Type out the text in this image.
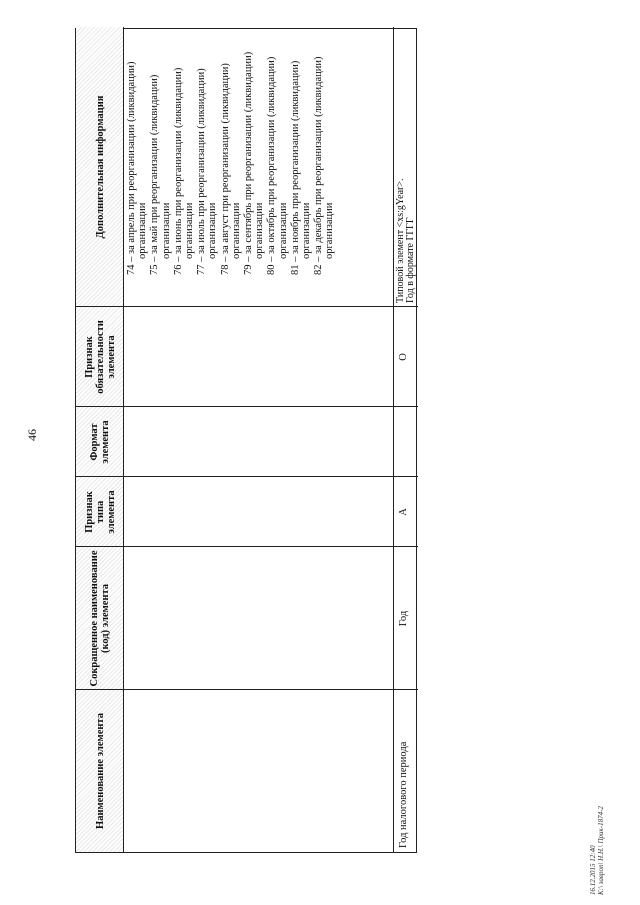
46
Наименование элемента
Сокращенное наименование (код) элемента
Признак типа элемента
Формат элемента
Признак обязательности элемента
Дополнительная информация	74 – за апрель при реорганизации (ликвидации) организации 75 – за май при реорганизации (ликвидации) организации 76 – за июнь при реорганизации (ликвидации) организации 77 – за июль при реорганизации (ликвидации) организации 78 – за август при реорганизации (ликвидации) организации 79 – за сентябрь при реорганизации (ликвидации) организации 80 – за октябрь при реорганизации (ликвидации) организации 81 – за ноябрь при реорганизации (ликвидации) организации 82 – за декабрь при реорганизации (ликвидации) организации
Год налогового периода
Год
А
О
Типовой элемент <xs:gYear>. Год в формате ГГГГ
16.12.2015 12:40 К:\ завроп\ Н.Н.\ Прик-1874-2
